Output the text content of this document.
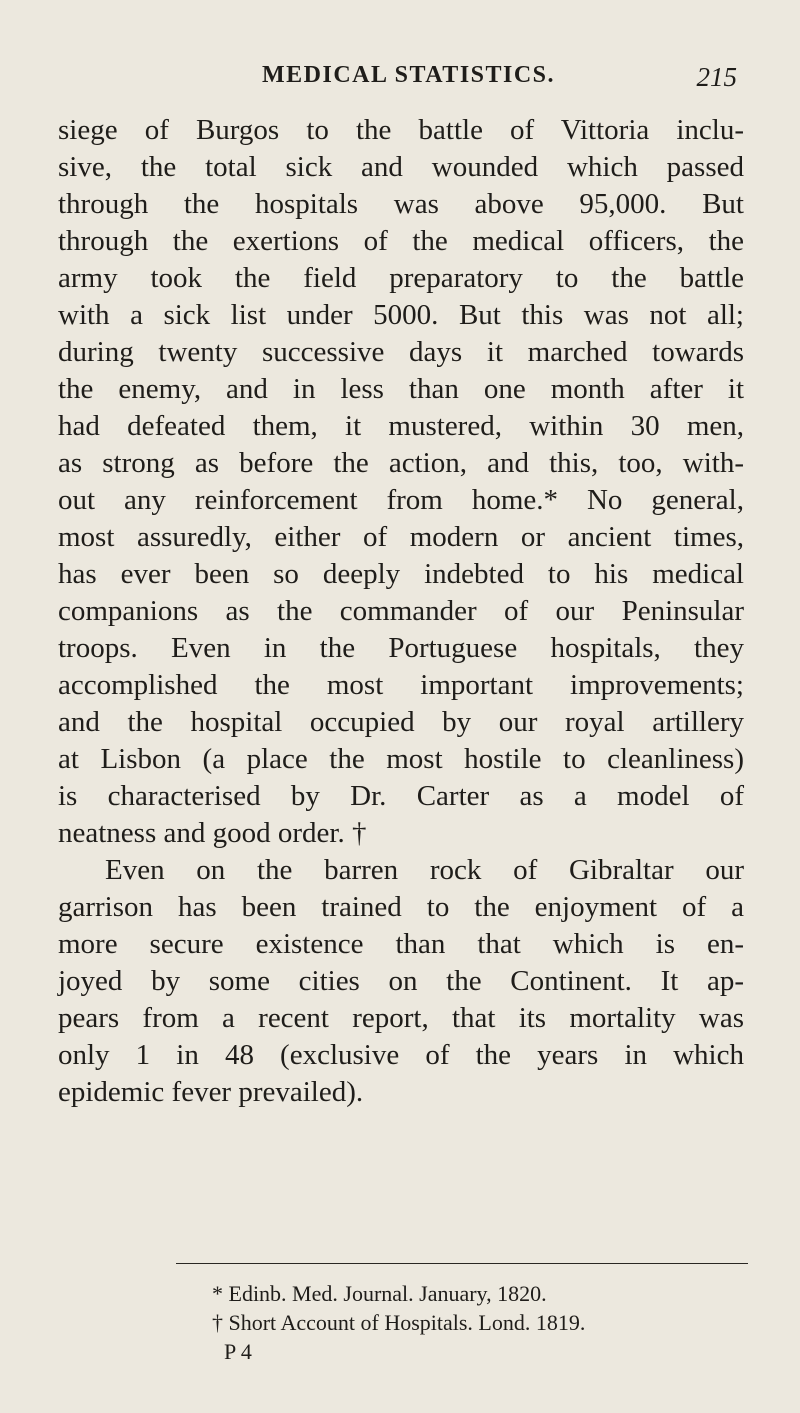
MEDICAL STATISTICS.	215
siege of Burgos to the battle of Vittoria inclu-
sive, the total sick and wounded which passed
through the hospitals was above 95,000. But
through the exertions of the medical officers, the
army took the field preparatory to the battle
with a sick list under 5000. But this was not all;
during twenty successive days it marched towards
the enemy, and in less than one month after it
had defeated them, it mustered, within 30 men,
as strong as before the action, and this, too, with-
out any reinforcement from home.* No general,
most assuredly, either of modern or ancient times,
has ever been so deeply indebted to his medical
companions as the commander of our Peninsular
troops. Even in the Portuguese hospitals, they
accomplished the most important improvements;
and the hospital occupied by our royal artillery
at Lisbon (a place the most hostile to cleanliness)
is characterised by Dr. Carter as a model of
neatness and good order. †
Even on the barren rock of Gibraltar our
garrison has been trained to the enjoyment of a
more secure existence than that which is en-
joyed by some cities on the Continent. It ap-
pears from a recent report, that its mortality was
only 1 in 48 (exclusive of the years in which
epidemic fever prevailed).
* Edinb. Med. Journal. January, 1820.
† Short Account of Hospitals. Lond. 1819.
P 4
